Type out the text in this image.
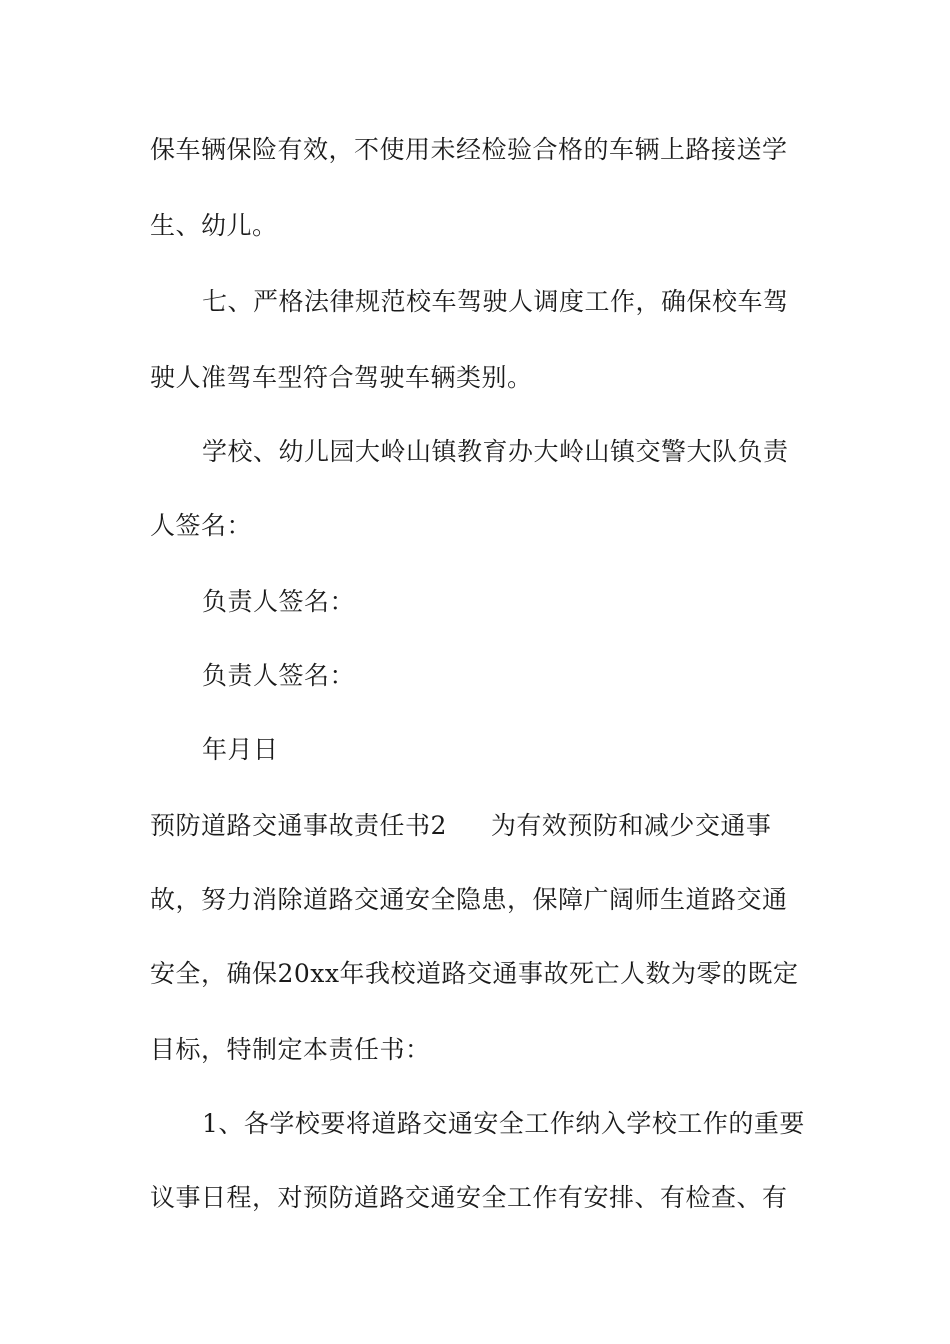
保车辆保险有效，不使用未经检验合格的车辆上路接送学
生、幼儿。
七、严格法律规范校车驾驶人调度工作，确保校车驾
驶人准驾车型符合驾驶车辆类别。
学校、幼儿园大岭山镇教育办大岭山镇交警大队负责
人签名：
负责人签名：
负责人签名：
年月日
预防道路交通事故责任书2 为有效预防和减少交通事
故，努力消除道路交通安全隐患，保障广阔师生道路交通
安全，确保20xx年我校道路交通事故死亡人数为零的既定
目标，特制定本责任书：
1、各学校要将道路交通安全工作纳入学校工作的重要
议事日程，对预防道路交通安全工作有安排、有检查、有
